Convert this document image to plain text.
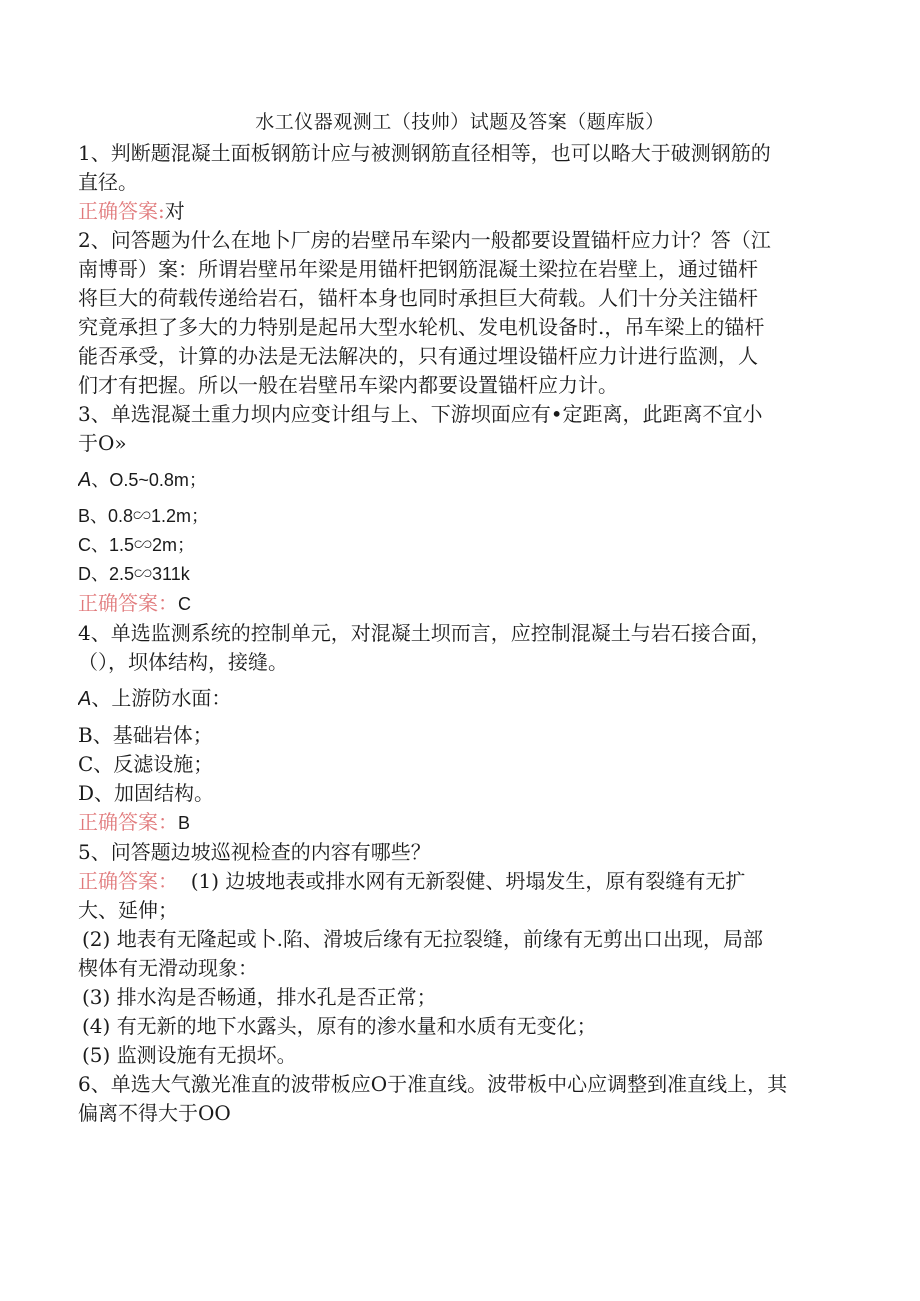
水工仪器观测工（技帅）试题及答案（题库版）
1、判断题混凝土面板钢筋计应与被测钢筋直径相等，也可以略大于破测钢筋的
直径。
正确答案:对
2、问答题为什么在地卜厂房的岩壁吊车梁内一般都要设置锚杆应力计？答（江
南博哥）案：所谓岩壁吊年梁是用锚杆把钢筋混凝土梁拉在岩壁上，通过锚杆
将巨大的荷载传递给岩石，锚杆本身也同时承担巨大荷载。人们十分关注锚杆
究竟承担了多大的力特别是起吊大型水轮机、发电机设备时.，吊车梁上的锚杆
能否承受，计算的办法是无法解决的，只有通过埋设锚杆应力计进行监测，人
们才有把握。所以一般在岩壁吊车梁内都要设置锚杆应力计。
3、单选混凝土重力坝内应变计组与上、下游坝面应有•定距离，此距离不宜小
于O»
A、O.5~0.8m；
B、0.8∽1.2m；
C、1.5∽2m；
D、2.5∽311k
正确答案：C
4、单选监测系统的控制单元，对混凝土坝而言，应控制混凝土与岩石接合面，
（），坝体结构，接缝。
A、上游防水面：
B、基础岩体；
C、反滤设施；
D、加固结构。
正确答案：B
5、问答题边坡巡视检查的内容有哪些？
正确答案： (1) 边坡地表或排水网有无新裂健、坍塌发生，原有裂缝有无扩
大、延伸；
(2) 地表有无隆起或卜.陷、滑坡后缘有无拉裂缝，前缘有无剪出口出现，局部
楔体有无滑动现象：
(3) 排水沟是否畅通，排水孔是否正常；
(4) 有无新的地下水露头，原有的渗水量和水质有无变化；
(5) 监测设施有无损坏。
6、单选大气激光准直的波带板应O于准直线。波带板中心应调整到准直线上，其
偏离不得大于OO
